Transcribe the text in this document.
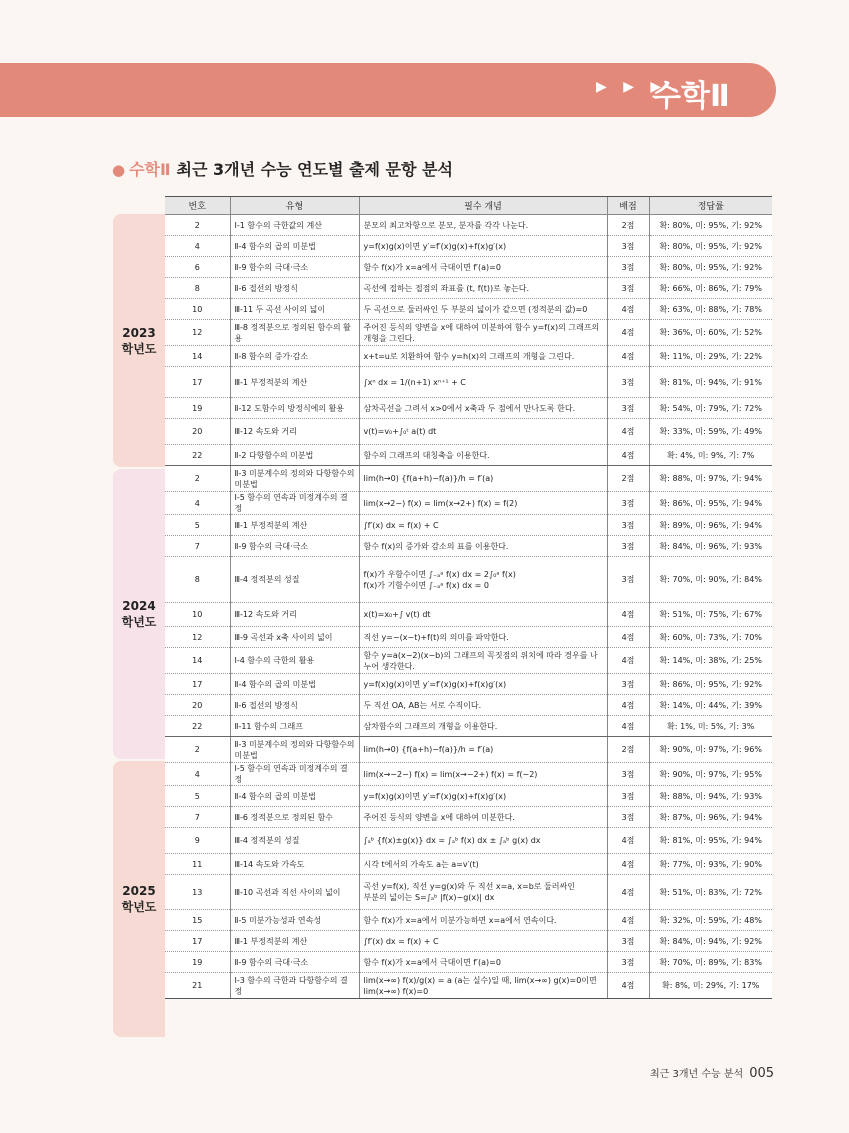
▶ ▶ ▶
수학Ⅱ
● 수학Ⅱ 최근 3개년 수능 연도별 출제 문항 분석
2023
학년도
2024
학년도
2025
학년도
번호	유형	필수 개념	배점	정답률
2	Ⅰ-1 함수의 극한값의 계산	분모의 최고차항으로 분모, 분자를 각각 나눈다.	2점	확: 80%, 미: 95%, 기: 92%
4	Ⅱ-4 함수의 곱의 미분법	y=f(x)g(x)이면 y′=f′(x)g(x)+f(x)g′(x)	3점	확: 80%, 미: 95%, 기: 92%
6	Ⅱ-9 함수의 극대·극소	함수 f(x)가 x=a에서 극대이면 f′(a)=0	3점	확: 80%, 미: 95%, 기: 92%
8	Ⅱ-6 접선의 방정식	곡선에 접하는 접점의 좌표를 (t, f(t))로 놓는다.	3점	확: 66%, 미: 86%, 기: 79%
10	Ⅲ-11 두 곡선 사이의 넓이	두 곡선으로 둘러싸인 두 부분의 넓이가 같으면 (정적분의 값)=0	4점	확: 63%, 미: 88%, 기: 78%
12	Ⅲ-8 정적분으로 정의된 함수의 활용	주어진 등식의 양변을 x에 대하여 미분하여 함수 y=f(x)의 그래프의 개형을 그린다.	4점	확: 36%, 미: 60%, 기: 52%
14	Ⅱ-8 함수의 증가·감소	x+t=u로 치환하여 함수 y=h(x)의 그래프의 개형을 그린다.	4점	확: 11%, 미: 29%, 기: 22%
17	Ⅲ-1 부정적분의 계산	∫xⁿ dx = 1/(n+1) xⁿ⁺¹ + C	3점	확: 81%, 미: 94%, 기: 91%
19	Ⅱ-12 도함수의 방정식에의 활용	삼차곡선을 그려서 x>0에서 x축과 두 점에서 만나도록 한다.	3점	확: 54%, 미: 79%, 기: 72%
20	Ⅲ-12 속도와 거리	v(t)=v₀+∫₀ᵗ a(t) dt	4점	확: 33%, 미: 59%, 기: 49%
22	Ⅱ-2 다항함수의 미분법	함수의 그래프의 대칭축을 이용한다.	4점	확: 4%, 미: 9%, 기: 7%
2	Ⅱ-3 미분계수의 정의와 다항함수의 미분법	lim(h→0) {f(a+h)−f(a)}/h = f′(a)	2점	확: 88%, 미: 97%, 기: 94%
4	Ⅰ-5 함수의 연속과 미정계수의 결정	lim(x→2−) f(x) = lim(x→2+) f(x) = f(2)	3점	확: 86%, 미: 95%, 기: 94%
5	Ⅲ-1 부정적분의 계산	∫f′(x) dx = f(x) + C	3점	확: 89%, 미: 96%, 기: 94%
7	Ⅱ-9 함수의 극대·극소	함수 f(x)의 증가와 감소의 표를 이용한다.	3점	확: 84%, 미: 96%, 기: 93%
8	Ⅲ-4 정적분의 성질	f(x)가 우함수이면 ∫₋ₐᵃ f(x) dx = 2∫₀ᵃ f(x)
f(x)가 기함수이면 ∫₋ₐᵃ f(x) dx = 0	3점	확: 70%, 미: 90%, 기: 84%
10	Ⅲ-12 속도와 거리	x(t)=x₀+∫ v(t) dt	4점	확: 51%, 미: 75%, 기: 67%
12	Ⅲ-9 곡선과 x축 사이의 넓이	직선 y=−(x−t)+f(t)의 의미를 파악한다.	4점	확: 60%, 미: 73%, 기: 70%
14	Ⅰ-4 함수의 극한의 활용	함수 y=a(x−2)(x−b)의 그래프의 꼭짓점의 위치에 따라 경우를 나누어 생각한다.	4점	확: 14%, 미: 38%, 기: 25%
17	Ⅱ-4 함수의 곱의 미분법	y=f(x)g(x)이면 y′=f′(x)g(x)+f(x)g′(x)	3점	확: 86%, 미: 95%, 기: 92%
20	Ⅱ-6 접선의 방정식	두 직선 OA, AB는 서로 수직이다.	4점	확: 14%, 미: 44%, 기: 39%
22	Ⅱ-11 함수의 그래프	삼차함수의 그래프의 개형을 이용한다.	4점	확: 1%, 미: 5%, 기: 3%
2	Ⅱ-3 미분계수의 정의와 다항함수의 미분법	lim(h→0) {f(a+h)−f(a)}/h = f′(a)	2점	확: 90%, 미: 97%, 기: 96%
4	Ⅰ-5 함수의 연속과 미정계수의 결정	lim(x→−2−) f(x) = lim(x→−2+) f(x) = f(−2)	3점	확: 90%, 미: 97%, 기: 95%
5	Ⅱ-4 함수의 곱의 미분법	y=f(x)g(x)이면 y′=f′(x)g(x)+f(x)g′(x)	3점	확: 88%, 미: 94%, 기: 93%
7	Ⅲ-6 정적분으로 정의된 함수	주어진 등식의 양변을 x에 대하여 미분한다.	3점	확: 87%, 미: 96%, 기: 94%
9	Ⅲ-4 정적분의 성질	∫ₐᵇ {f(x)±g(x)} dx = ∫ₐᵇ f(x) dx ± ∫ₐᵇ g(x) dx	4점	확: 81%, 미: 95%, 기: 94%
11	Ⅲ-14 속도와 가속도	시각 t에서의 가속도 a는 a=v′(t)	4점	확: 77%, 미: 93%, 기: 90%
13	Ⅲ-10 곡선과 직선 사이의 넓이	곡선 y=f(x), 직선 y=g(x)와 두 직선 x=a, x=b로 둘러싸인
부분의 넓이는 S=∫ₐᵇ |f(x)−g(x)| dx	4점	확: 51%, 미: 83%, 기: 72%
15	Ⅱ-5 미분가능성과 연속성	함수 f(x)가 x=a에서 미분가능하면 x=a에서 연속이다.	4점	확: 32%, 미: 59%, 기: 48%
17	Ⅲ-1 부정적분의 계산	∫f′(x) dx = f(x) + C	3점	확: 84%, 미: 94%, 기: 92%
19	Ⅱ-9 함수의 극대·극소	함수 f(x)가 x=a에서 극대이면 f′(a)=0	3점	확: 70%, 미: 89%, 기: 83%
21	Ⅰ-3 함수의 극한과 다항함수의 결정	lim(x→∞) f(x)/g(x) = a (a는 실수)일 때, lim(x→∞) g(x)=0이면 lim(x→∞) f(x)=0	4점	확: 8%, 미: 29%, 기: 17%
최근 3개년 수능 분석 005
